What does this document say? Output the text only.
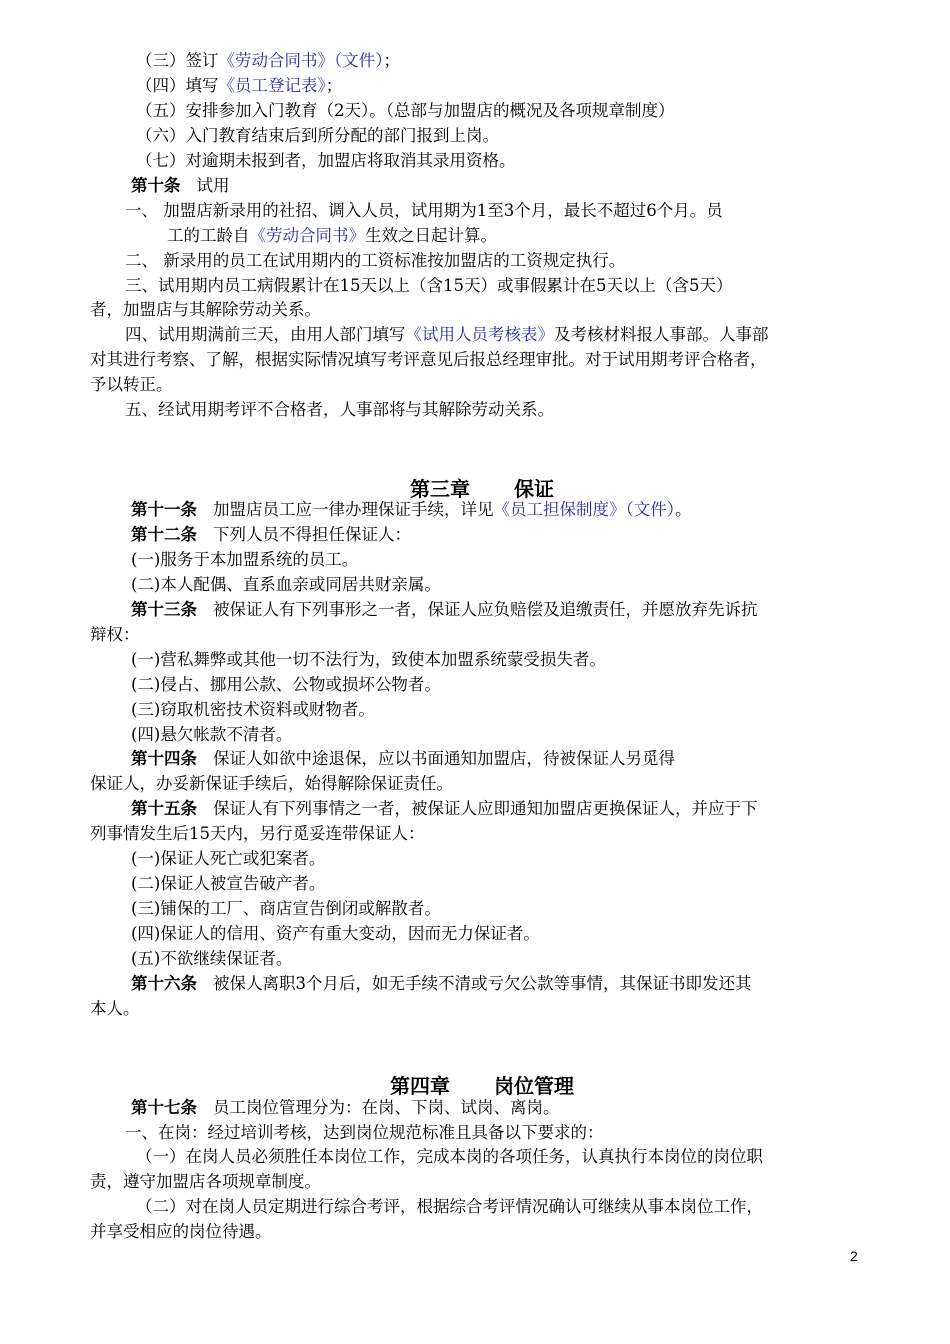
（三）签订《劳动合同书》（文件）；
（四）填写《员工登记表》；
（五）安排参加入门教育（2天）。（总部与加盟店的概况及各项规章制度）
（六）入门教育结束后到所分配的部门报到上岗。
（七）对逾期未报到者，加盟店将取消其录用资格。
第十条 试用
一、 加盟店新录用的社招、调入人员，试用期为1至3个月，最长不超过6个月。员
工的工龄自《劳动合同书》生效之日起计算。
二、 新录用的员工在试用期内的工资标准按加盟店的工资规定执行。
三、试用期内员工病假累计在15天以上（含15天）或事假累计在5天以上（含5天）
者，加盟店与其解除劳动关系。
四、试用期满前三天，由用人部门填写《试用人员考核表》及考核材料报人事部。人事部
对其进行考察、了解，根据实际情况填写考评意见后报总经理审批。对于试用期考评合格者，
予以转正。
五、经试用期考评不合格者，人事部将与其解除劳动关系。

第三章 保证

第十一条 加盟店员工应一律办理保证手续，详见《员工担保制度》（文件）。
第十二条 下列人员不得担任保证人：
(一)服务于本加盟系统的员工。
(二)本人配偶、直系血亲或同居共财亲属。
第十三条 被保证人有下列事形之一者，保证人应负赔偿及追缴责任，并愿放弃先诉抗
辩权：
(一)营私舞弊或其他一切不法行为，致使本加盟系统蒙受损失者。
(二)侵占、挪用公款、公物或损坏公物者。
(三)窃取机密技术资料或财物者。
(四)悬欠帐款不清者。
第十四条 保证人如欲中途退保，应以书面通知加盟店，待被保证人另觅得
保证人，办妥新保证手续后，始得解除保证责任。
第十五条 保证人有下列事情之一者，被保证人应即通知加盟店更换保证人，并应于下
列事情发生后15天内，另行觅妥连带保证人：
(一)保证人死亡或犯案者。
(二)保证人被宣告破产者。
(三)铺保的工厂、商店宣告倒闭或解散者。
(四)保证人的信用、资产有重大变动，因而无力保证者。
(五)不欲继续保证者。
第十六条 被保人离职3个月后，如无手续不清或亏欠公款等事情，其保证书即发还其
本人。

第四章 岗位管理

第十七条 员工岗位管理分为：在岗、下岗、试岗、离岗。
一、在岗：经过培训考核，达到岗位规范标准且具备以下要求的：
（一）在岗人员必须胜任本岗位工作，完成本岗的各项任务，认真执行本岗位的岗位职
责，遵守加盟店各项规章制度。
（二）对在岗人员定期进行综合考评，根据综合考评情况确认可继续从事本岗位工作，
并享受相应的岗位待遇。
2
